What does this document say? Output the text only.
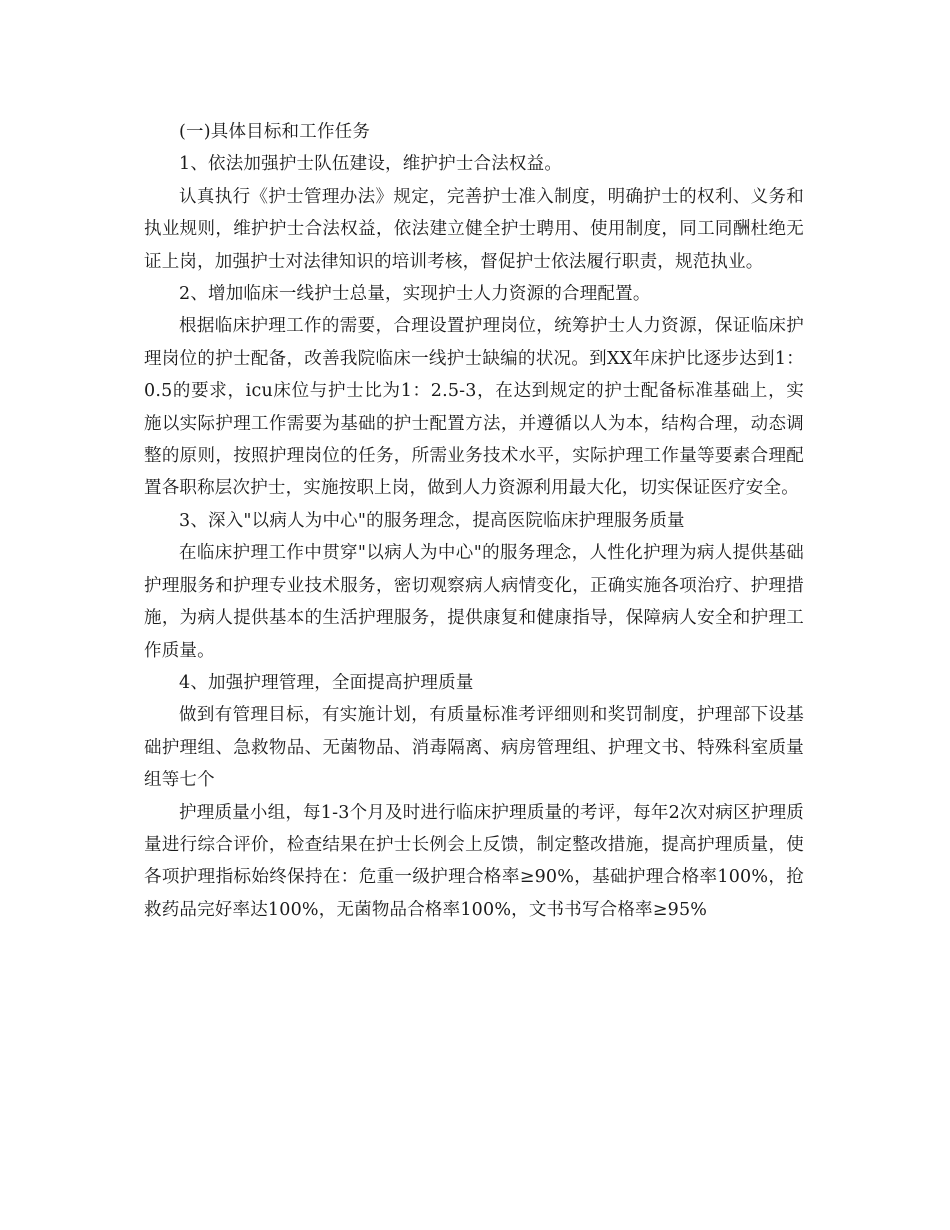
(一)具体目标和工作任务

1、依法加强护士队伍建设，维护护士合法权益。

认真执行《护士管理办法》规定，完善护士准入制度，明确护士的权利、义务和执业规则，维护护士合法权益，依法建立健全护士聘用、使用制度，同工同酬杜绝无证上岗，加强护士对法律知识的培训考核，督促护士依法履行职责，规范执业。

2、增加临床一线护士总量，实现护士人力资源的合理配置。

根据临床护理工作的需要，合理设置护理岗位，统筹护士人力资源，保证临床护理岗位的护士配备，改善我院临床一线护士缺编的状况。到XX年床护比逐步达到1：0.5的要求，icu床位与护士比为1：2.5-3，在达到规定的护士配备标准基础上，实施以实际护理工作需要为基础的护士配置方法，并遵循以人为本，结构合理，动态调整的原则，按照护理岗位的任务，所需业务技术水平，实际护理工作量等要素合理配置各职称层次护士，实施按职上岗，做到人力资源利用最大化，切实保证医疗安全。

3、深入"以病人为中心"的服务理念，提高医院临床护理服务质量

在临床护理工作中贯穿"以病人为中心"的服务理念，人性化护理为病人提供基础护理服务和护理专业技术服务，密切观察病人病情变化，正确实施各项治疗、护理措施，为病人提供基本的生活护理服务，提供康复和健康指导，保障病人安全和护理工作质量。

4、加强护理管理，全面提高护理质量

做到有管理目标，有实施计划，有质量标准考评细则和奖罚制度，护理部下设基础护理组、急救物品、无菌物品、消毒隔离、病房管理组、护理文书、特殊科室质量组等七个

护理质量小组，每1-3个月及时进行临床护理质量的考评，每年2次对病区护理质量进行综合评价，检查结果在护士长例会上反馈，制定整改措施，提高护理质量，使各项护理指标始终保持在：危重一级护理合格率≥90%，基础护理合格率100%，抢救药品完好率达100%，无菌物品合格率100%，文书书写合格率≥95%
